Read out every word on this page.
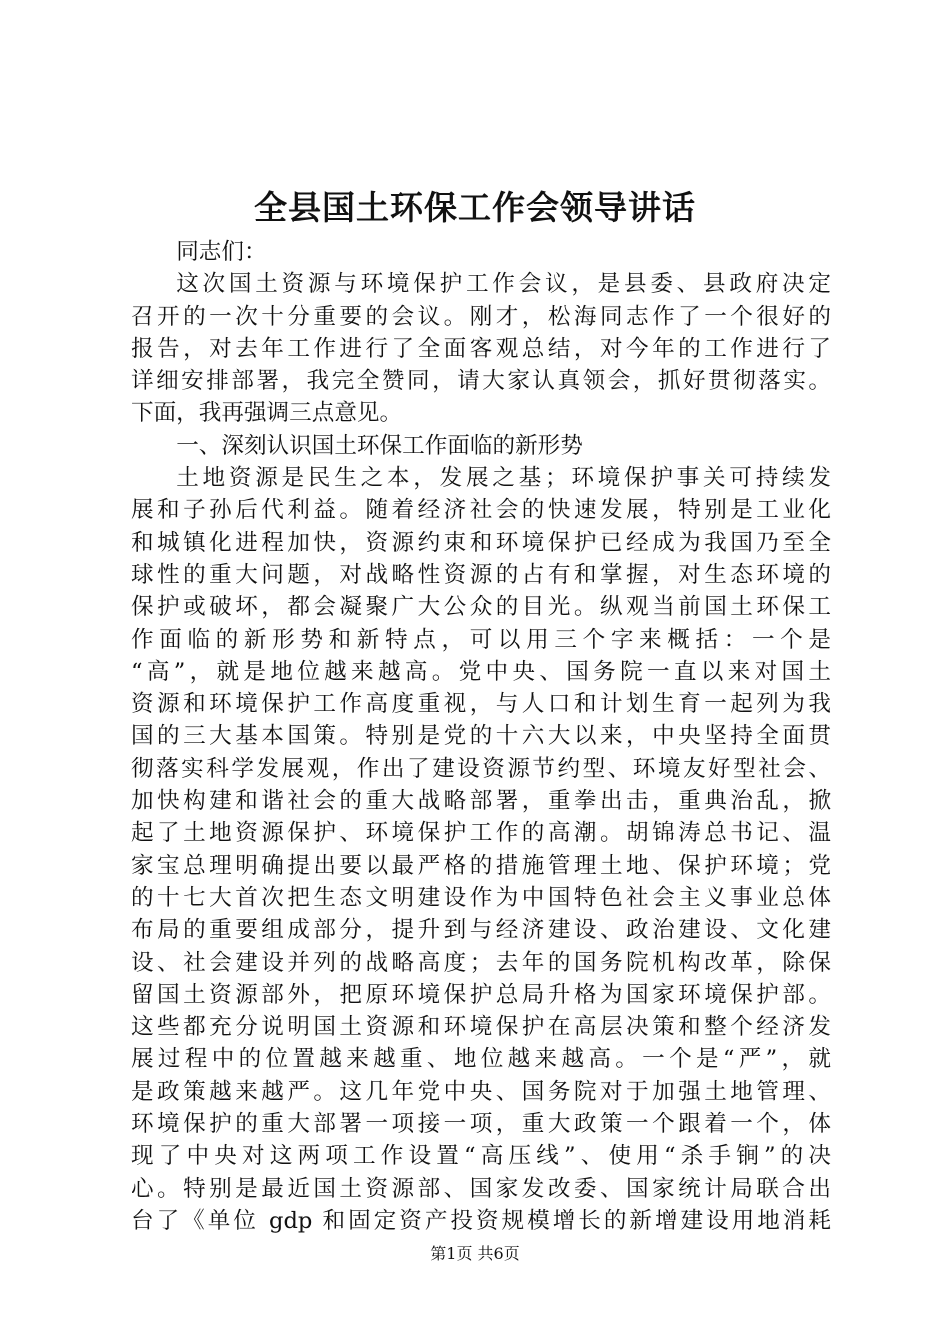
全县国土环保工作会领导讲话
同志们：
这次国土资源与环境保护工作会议，是县委、县政府决定
召开的一次十分重要的会议。刚才，松海同志作了一个很好的
报告，对去年工作进行了全面客观总结，对今年的工作进行了
详细安排部署，我完全赞同，请大家认真领会，抓好贯彻落实。
下面，我再强调三点意见。
一、深刻认识国土环保工作面临的新形势
土地资源是民生之本，发展之基；环境保护事关可持续发
展和子孙后代利益。随着经济社会的快速发展，特别是工业化
和城镇化进程加快，资源约束和环境保护已经成为我国乃至全
球性的重大问题，对战略性资源的占有和掌握，对生态环境的
保护或破坏，都会凝聚广大公众的目光。纵观当前国土环保工
作面临的新形势和新特点，可以用三个字来概括：一个是
“高”，就是地位越来越高。党中央、国务院一直以来对国土
资源和环境保护工作高度重视，与人口和计划生育一起列为我
国的三大基本国策。特别是党的十六大以来，中央坚持全面贯
彻落实科学发展观，作出了建设资源节约型、环境友好型社会、
加快构建和谐社会的重大战略部署，重拳出击，重典治乱，掀
起了土地资源保护、环境保护工作的高潮。胡锦涛总书记、温
家宝总理明确提出要以最严格的措施管理土地、保护环境；党
的十七大首次把生态文明建设作为中国特色社会主义事业总体
布局的重要组成部分，提升到与经济建设、政治建设、文化建
设、社会建设并列的战略高度；去年的国务院机构改革，除保
留国土资源部外，把原环境保护总局升格为国家环境保护部。
这些都充分说明国土资源和环境保护在高层决策和整个经济发
展过程中的位置越来越重、地位越来越高。一个是“严”，就
是政策越来越严。这几年党中央、国务院对于加强土地管理、
环境保护的重大部署一项接一项，重大政策一个跟着一个，体
现了中央对这两项工作设置“高压线”、使用“杀手锏”的决
心。特别是最近国土资源部、国家发改委、国家统计局联合出
台了《单位 gdp 和固定资产投资规模增长的新增建设用地消耗
第1页 共6页
